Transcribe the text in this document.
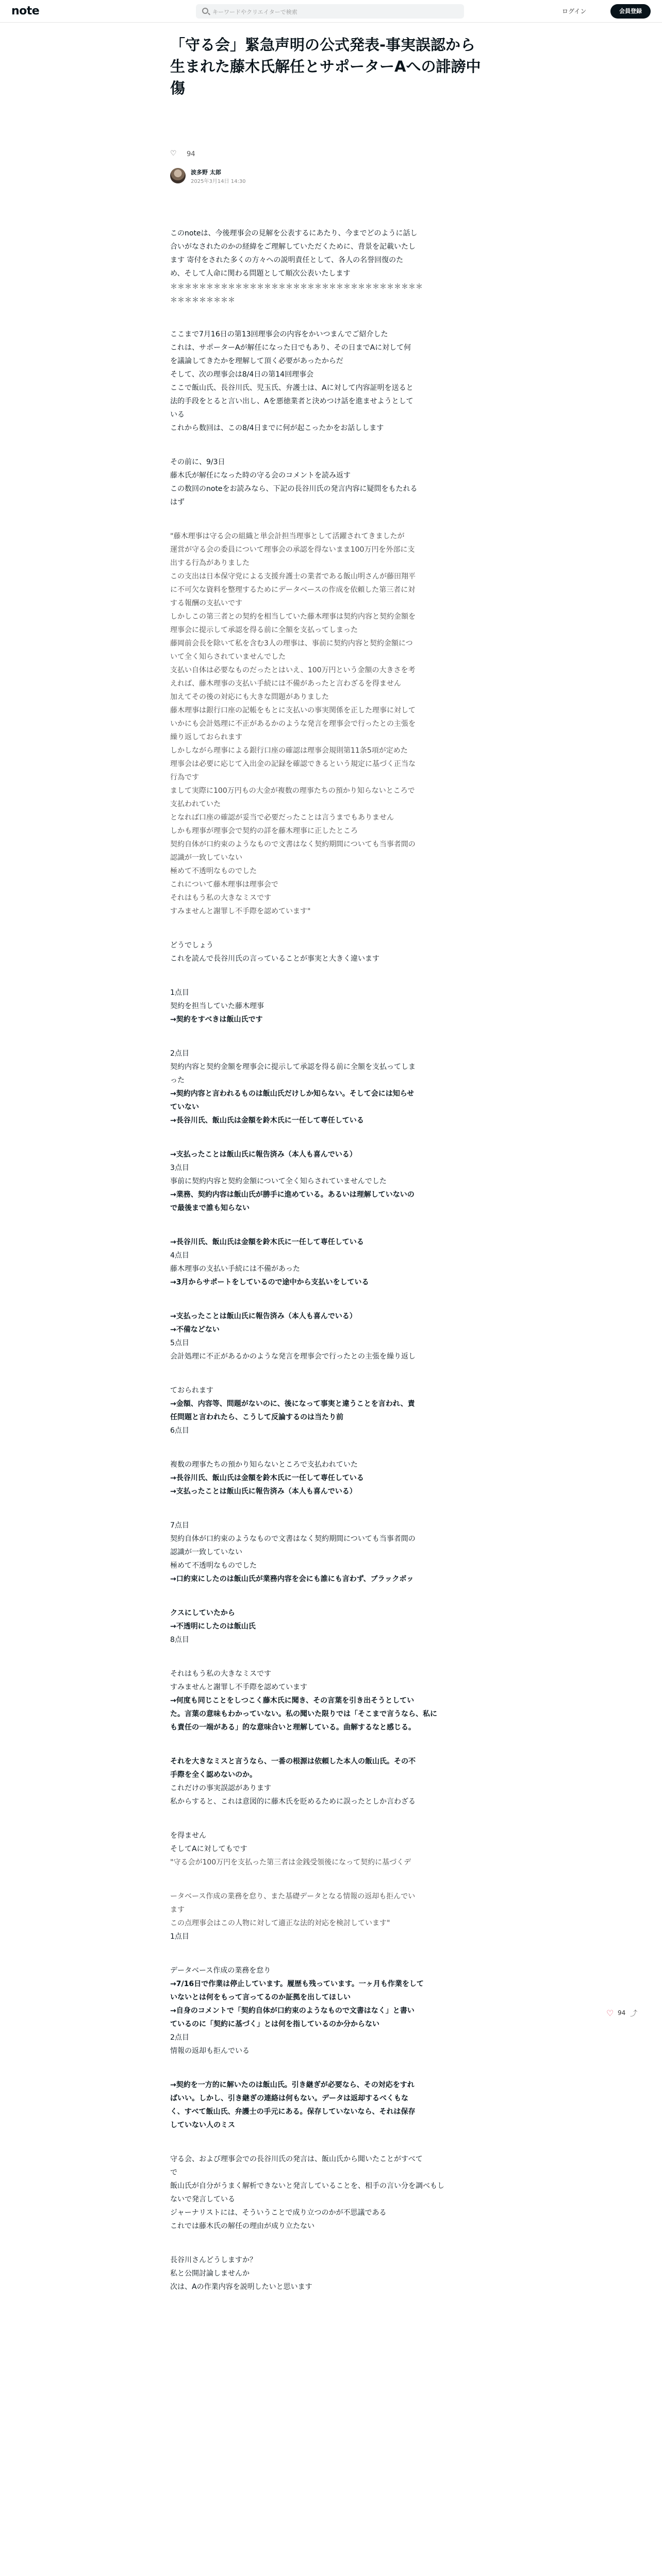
note	キーワードやクリエイターで検索	ログイン	会員登録
「守る会」緊急声明の公式発表-事実誤認から生まれた藤木氏解任とサポーターAへの誹謗中傷
♡ 94
波多野 太郎
2025年3月14日 14:30
このnoteは、今後理事会の見解を公表するにあたり、今までどのように話し
合いがなされたのかの経緯をご理解していただくために、背景を記載いたし
ます 寄付をされた多くの方々への説明責任として、各人の名誉回復のた
め、そして人命に関わる問題として順次公表いたします
＊＊＊＊＊＊＊＊＊＊＊＊＊＊＊＊＊＊＊＊＊＊＊＊＊＊＊＊＊＊＊＊＊＊＊
＊＊＊＊＊＊＊＊＊
ここまで7月16日の第13回理事会の内容をかいつまんでご紹介した
これは、サポーターAが解任になった日でもあり、その日までAに対して何
を議論してきたかを理解して頂く必要があったからだ
そして、次の理事会は8/4日の第14回理事会
ここで飯山氏、長谷川氏、児玉氏、弁護士は、Aに対して内容証明を送ると
法的手段をとると言い出し、Aを悪徳業者と決めつけ話を進ませようとして
いる
これから数回は、この8/4日までに何が起こったかをお話しします
その前に、9/3日
藤木氏が解任になった時の守る会のコメントを読み返す
この数回のnoteをお読みなら、下記の長谷川氏の発言内容に疑問をもたれる
はず
"藤木理事は守る会の組織と単会計担当理事として活躍されてきましたが
運営が守る会の委員について理事会の承認を得ないまま100万円を外部に支
出する行為がありました
この支出は日本保守党による支援弁護士の業者である飯山明さんが藤田翔平
に不可欠な資料を整理するためにデータベースの作成を依頼した第三者に対
する報酬の支払いです
しかしこの第三者との契約を相当していた藤木理事は契約内容と契約金額を
理事会に提示して承認を得る前に全額を支払ってしまった
藤岡前会長を除いて私を含む3人の理事は、事前に契約内容と契約金額につ
いて全く知らされていませんでした
支払い自体は必要なものだったとはいえ、100万円という金額の大きさを考
えれば、藤木理事の支払い手続には不備があったと言わざるを得ません
加えてその後の対応にも大きな問題がありました
藤木理事は銀行口座の記帳をもとに支払いの事実関係を正した理事に対して
いかにも会計処理に不正があるかのような発言を理事会で行ったとの主張を
繰り返しておられます
しかしながら理事による銀行口座の確認は理事会規則第11条5項が定めた
理事会は必要に応じて入出金の記録を確認できるという規定に基づく正当な
行為です
まして実際に100万円もの大金が複数の理事たちの預かり知らないところで
支払われていた
となれば口座の確認が妥当で必要だったことは言うまでもありません
しかも理事が理事会で契約の詳を藤木理事に正したところ
契約自体が口約束のようなもので文書はなく契約期間についても当事者間の
認識が一致していない
極めて不透明なものでした
これについて藤木理事は理事会で
それはもう私の大きなミスです
すみませんと謝罪し不手際を認めています"
どうでしょう
これを読んで長谷川氏の言っていることが事実と大きく違います
1点目
契約を担当していた藤木理事
→契約をすべきは飯山氏です
2点目
契約内容と契約金額を理事会に提示して承認を得る前に全額を支払ってしま
った
→契約内容と言われるものは飯山氏だけしか知らない。そして会には知らせ
ていない
→長谷川氏、飯山氏は金額を鈴木氏に一任して専任している
→支払ったことは飯山氏に報告済み（本人も喜んでいる）
3点目
事前に契約内容と契約金額について全く知らされていませんでした
→業務、契約内容は飯山氏が勝手に進めている。あるいは理解していないの
で最後まで誰も知らない
→長谷川氏、飯山氏は金額を鈴木氏に一任して専任している
4点目
藤木理事の支払い手続には不備があった
→3月からサポートをしているので途中から支払いをしている
→支払ったことは飯山氏に報告済み（本人も喜んでいる）
→不備などない
5点目
会計処理に不正があるかのような発言を理事会で行ったとの主張を繰り返し
ておられます
→金額、内容等、問題がないのに、後になって事実と違うことを言われ、責
任問題と言われたら、こうして反論するのは当たり前
6点目
複数の理事たちの預かり知らないところで支払われていた
→長谷川氏、飯山氏は金額を鈴木氏に一任して専任している
→支払ったことは飯山氏に報告済み（本人も喜んでいる）
7点目
契約自体が口約束のようなもので文書はなく契約期間についても当事者間の
認識が一致していない
極めて不透明なものでした
→口約束にしたのは飯山氏が業務内容を会にも誰にも言わず、ブラックボッ
クスにしていたから
→不透明にしたのは飯山氏
8点目
それはもう私の大きなミスです
すみませんと謝罪し不手際を認めています
→何度も同じことをしつこく藤木氏に聞き、その言葉を引き出そうとしてい
た。言葉の意味もわかっていない。私の聞いた限りでは「そこまで言うなら、私に
も責任の一端がある」的な意味合いと理解している。曲解するなと感じる。
それを大きなミスと言うなら、一番の根源は依頼した本人の飯山氏。その不
手際を全く認めないのか。
これだけの事実誤認があります
私からすると、これは意図的に藤木氏を貶めるために誤ったとしか言わざる
を得ません
そしてAに対してもです
"守る会が100万円を支払った第三者は金銭受領後になって契約に基づくデ
ータベース作成の業務を怠り、また基礎データとなる情報の返却も拒んでい
ます
この点理事会はこの人物に対して適正な法的対応を検討しています"
1点目
データベース作成の業務を怠り
→7/16日で作業は停止しています。履歴も残っています。一ヶ月も作業をして
いないとは何をもって言ってるのか証拠を出してほしい
→自身のコメントで「契約自体が口約束のようなもので文書はなく」と書い
ているのに「契約に基づく」とは何を指しているのか分からない
2点目
情報の返却も拒んでいる
→契約を一方的に解いたのは飯山氏。引き継ぎが必要なら、その対応をすれ
ばいい。しかし、引き継ぎの連絡は何もない。データは返却するべくもな
く、すべて飯山氏、弁護士の手元にある。保存していないなら、それは保存
していない人のミス
守る会、および理事会での長谷川氏の発言は、飯山氏から聞いたことがすべて
で
飯山氏が自分がうまく解析できないと発言していることを、相手の言い分を調べもし
ないで発言している
ジャーナリストには、そういうことで成り立つのかが不思議である
これでは藤木氏の解任の理由が成り立たない
長谷川さんどうしますか？
私と公開討論しませんか
次は、Aの作業内容を説明したいと思います
♡ 94 ⤴
